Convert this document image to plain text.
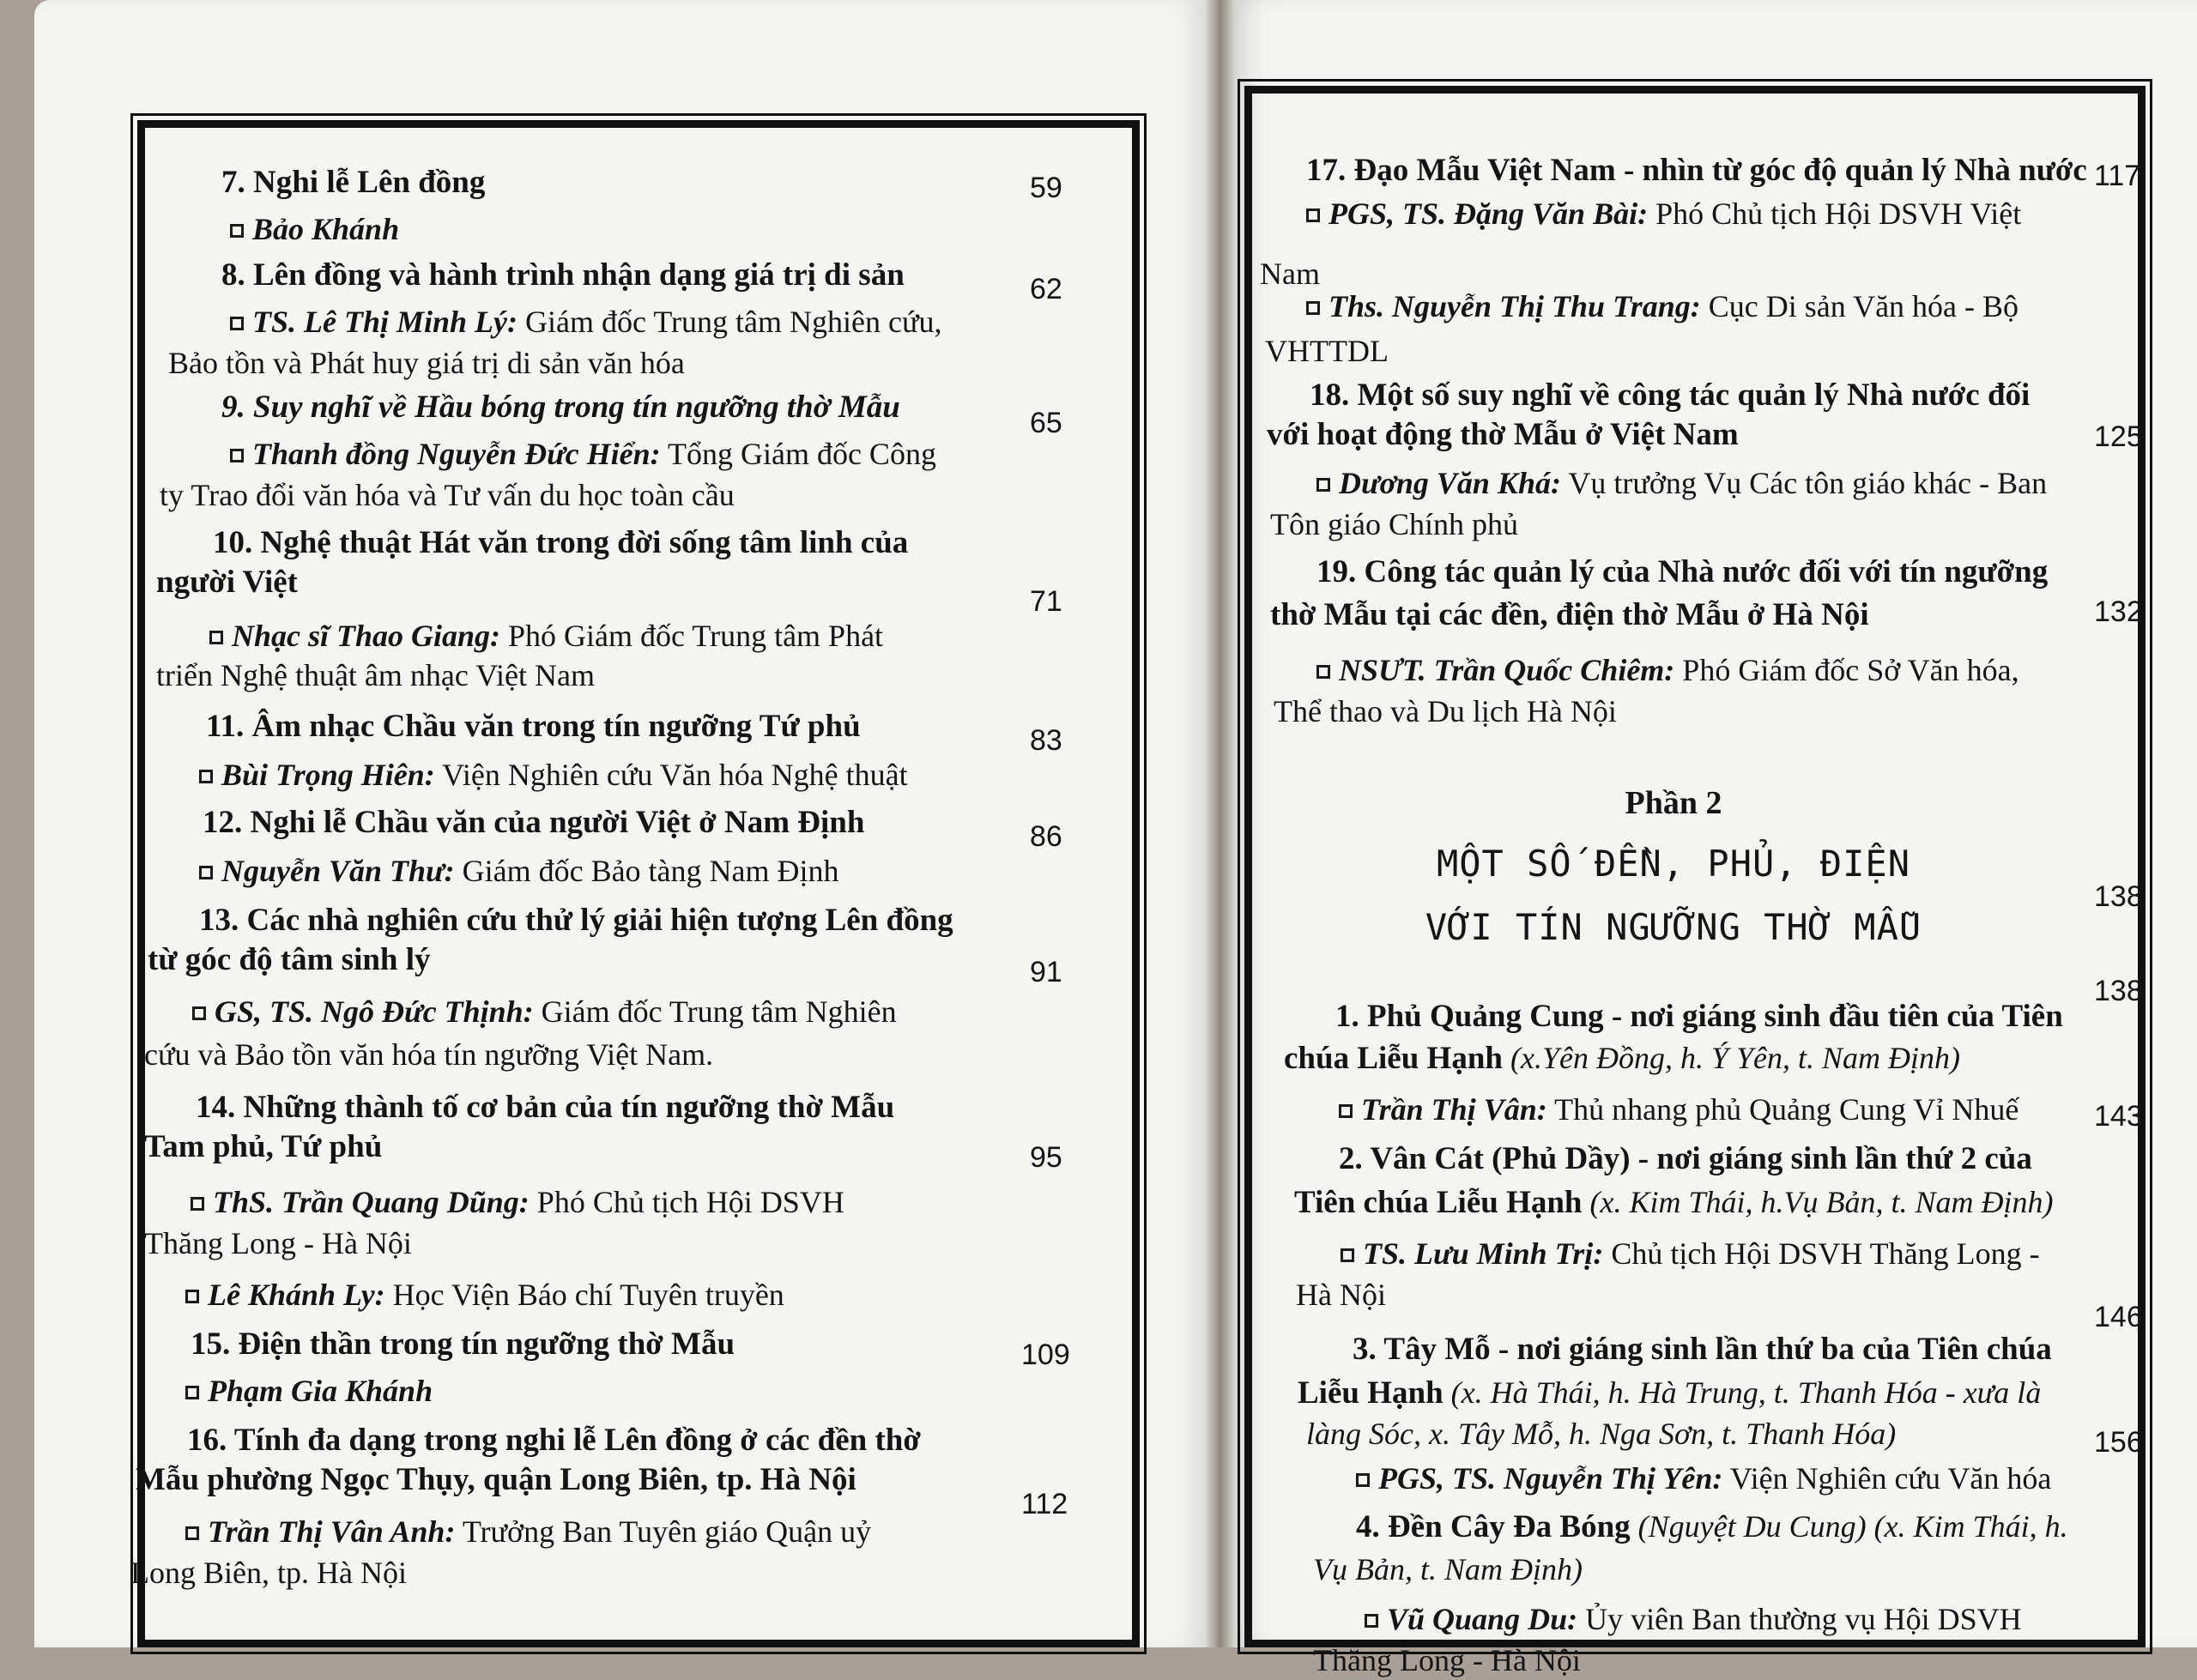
7. Nghi lễ Lên đồng
Bảo Khánh
8. Lên đồng và hành trình nhận dạng giá trị di sản
TS. Lê Thị Minh Lý: Giám đốc Trung tâm Nghiên cứu,
Bảo tồn và Phát huy giá trị di sản văn hóa
9. Suy nghĩ về Hầu bóng trong tín ngưỡng thờ Mẫu
Thanh đồng Nguyễn Đức Hiển: Tổng Giám đốc Công
ty Trao đổi văn hóa và Tư vấn du học toàn cầu
10. Nghệ thuật Hát văn trong đời sống tâm linh của
người Việt
Nhạc sĩ Thao Giang: Phó Giám đốc Trung tâm Phát
triển Nghệ thuật âm nhạc Việt Nam
11. Âm nhạc Chầu văn trong tín ngưỡng Tứ phủ
Bùi Trọng Hiên: Viện Nghiên cứu Văn hóa Nghệ thuật
12. Nghi lễ Chầu văn của người Việt ở Nam Định
Nguyễn Văn Thư: Giám đốc Bảo tàng Nam Định
13. Các nhà nghiên cứu thử lý giải hiện tượng Lên đồng
từ góc độ tâm sinh lý
GS, TS. Ngô Đức Thịnh: Giám đốc Trung tâm Nghiên
cứu và Bảo tồn văn hóa tín ngưỡng Việt Nam.
14. Những thành tố cơ bản của tín ngưỡng thờ Mẫu
Tam phủ, Tứ phủ
ThS. Trần Quang Dũng: Phó Chủ tịch Hội DSVH
Thăng Long - Hà Nội
Lê Khánh Ly: Học Viện Báo chí Tuyên truyền
15. Điện thần trong tín ngưỡng thờ Mẫu
Phạm Gia Khánh
16. Tính đa dạng trong nghi lễ Lên đồng ở các đền thờ
Mẫu phường Ngọc Thụy, quận Long Biên, tp. Hà Nội
Trần Thị Vân Anh: Trưởng Ban Tuyên giáo Quận uỷ
Long Biên, tp. Hà Nội
59
62
65
71
83
86
91
95
109
112
17. Đạo Mẫu Việt Nam - nhìn từ góc độ quản lý Nhà nước
PGS, TS. Đặng Văn Bài: Phó Chủ tịch Hội DSVH Việt
Nam
Ths. Nguyễn Thị Thu Trang: Cục Di sản Văn hóa - Bộ
VHTTDL
18. Một số suy nghĩ về công tác quản lý Nhà nước đối
với hoạt động thờ Mẫu ở Việt Nam
Dương Văn Khá: Vụ trưởng Vụ Các tôn giáo khác - Ban
Tôn giáo Chính phủ
19. Công tác quản lý của Nhà nước đối với tín ngưỡng
thờ Mẫu tại các đền, điện thờ Mẫu ở Hà Nội
NSƯT. Trần Quốc Chiêm: Phó Giám đốc Sở Văn hóa,
Thể thao và Du lịch Hà Nội
Phần 2
MỘT SỐ ĐỀN, PHỦ, ĐIỆN
VỚI TÍN NGƯỠNG THỜ MẪU
1. Phủ Quảng Cung - nơi giáng sinh đầu tiên của Tiên
chúa Liễu Hạnh (x.Yên Đồng, h. Ý Yên, t. Nam Định)
Trần Thị Vân: Thủ nhang phủ Quảng Cung Vỉ Nhuế
2. Vân Cát (Phủ Dầy) - nơi giáng sinh lần thứ 2 của
Tiên chúa Liễu Hạnh (x. Kim Thái, h.Vụ Bản, t. Nam Định)
TS. Lưu Minh Trị: Chủ tịch Hội DSVH Thăng Long -
Hà Nội
3. Tây Mỗ - nơi giáng sinh lần thứ ba của Tiên chúa
Liễu Hạnh (x. Hà Thái, h. Hà Trung, t. Thanh Hóa - xưa là
làng Sóc, x. Tây Mỗ, h. Nga Sơn, t. Thanh Hóa)
PGS, TS. Nguyễn Thị Yên: Viện Nghiên cứu Văn hóa
4. Đền Cây Đa Bóng (Nguyệt Du Cung) (x. Kim Thái, h.
Vụ Bản, t. Nam Định)
Vũ Quang Du: Ủy viên Ban thường vụ Hội DSVH
Thăng Long - Hà Nội
117
125
132
138
138
143
146
156
